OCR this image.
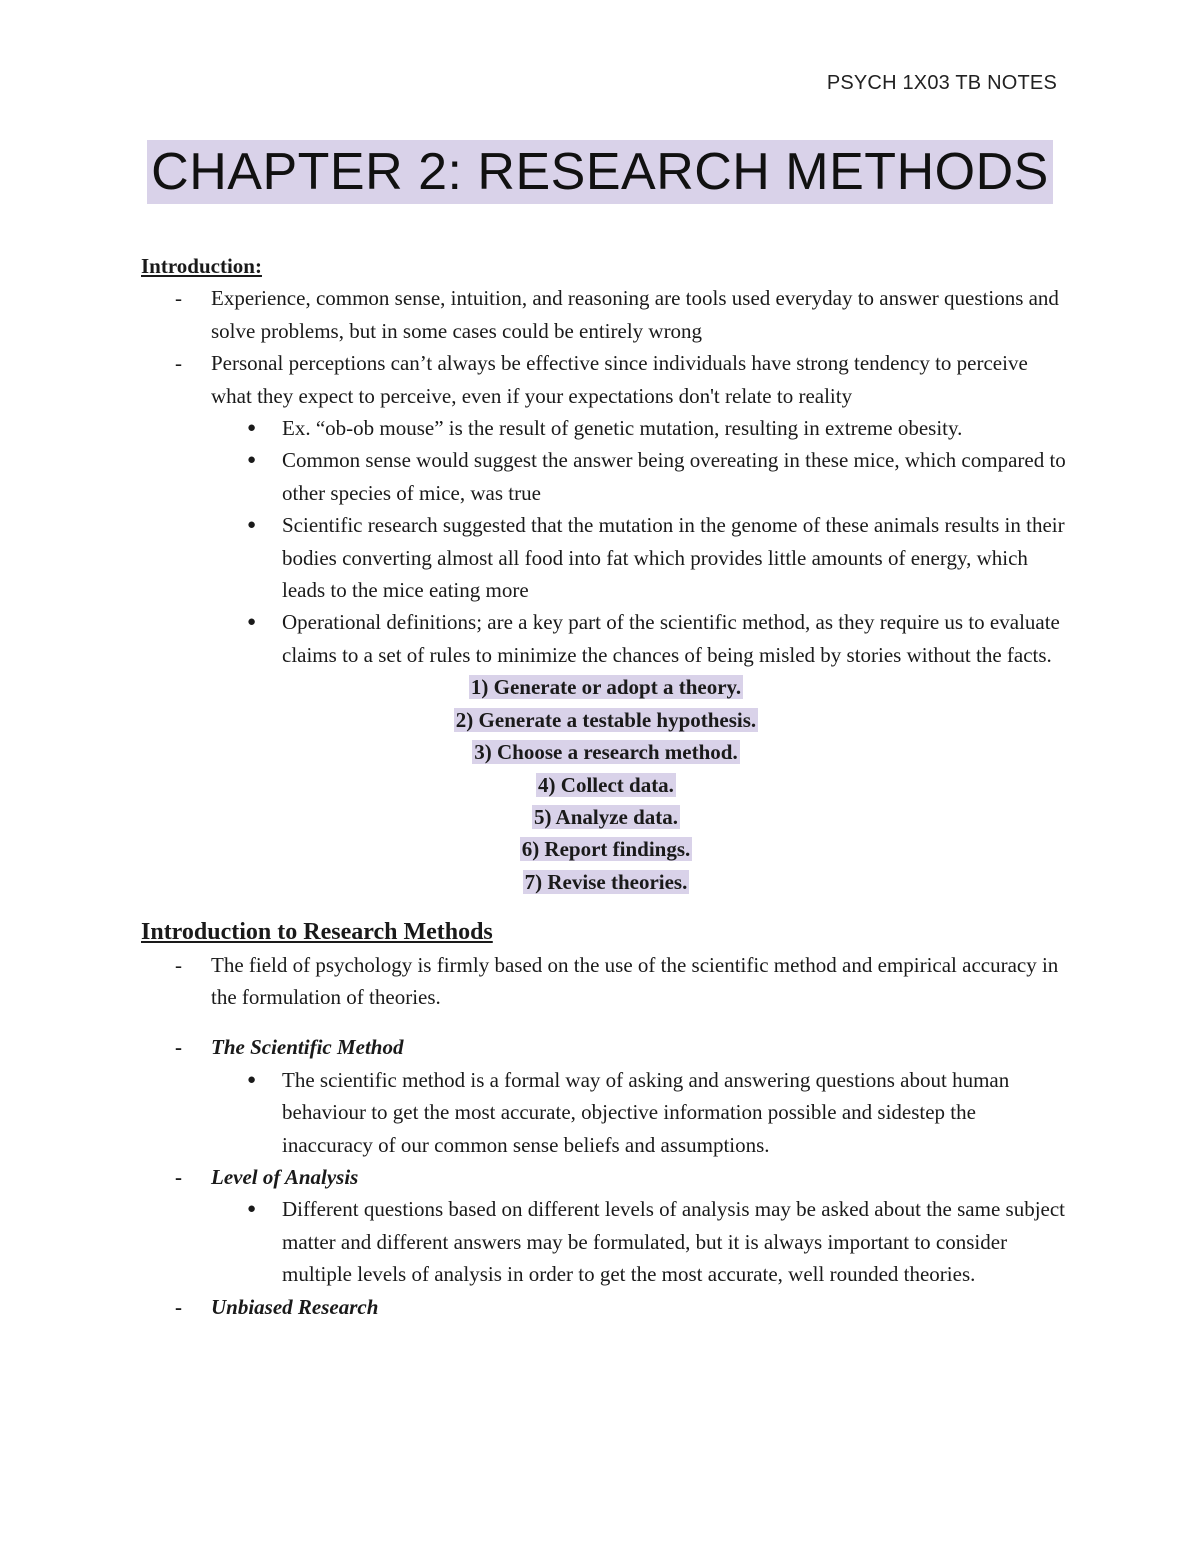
PSYCH 1X03 TB NOTES
CHAPTER 2: RESEARCH METHODS

Introduction:

- Experience, common sense, intuition, and reasoning are tools used everyday to answer questions and solve problems, but in some cases could be entirely wrong

- Personal perceptions can’t always be effective since individuals have strong tendency to perceive what they expect to perceive, even if your expectations don't relate to reality

● Ex. “ob-ob mouse” is the result of genetic mutation, resulting in extreme obesity.

● Common sense would suggest the answer being overeating in these mice, which compared to other species of mice, was true

● Scientific research suggested that the mutation in the genome of these animals results in their bodies converting almost all food into fat which provides little amounts of energy, which leads to the mice eating more

● Operational definitions; are a key part of the scientific method, as they require us to evaluate claims to a set of rules to minimize the chances of being misled by stories without the facts.

1) Generate or adopt a theory.

2) Generate a testable hypothesis.

3) Choose a research method.

4) Collect data.

5) Analyze data.

6) Report findings.

7) Revise theories.

Introduction to Research Methods

- The field of psychology is firmly based on the use of the scientific method and empirical accuracy in the formulation of theories.

- The Scientific Method

● The scientific method is a formal way of asking and answering questions about human behaviour to get the most accurate, objective information possible and sidestep the inaccuracy of our common sense beliefs and assumptions.

- Level of Analysis

● Different questions based on different levels of analysis may be asked about the same subject matter and different answers may be formulated, but it is always important to consider multiple levels of analysis in order to get the most accurate, well rounded theories.

- Unbiased Research
